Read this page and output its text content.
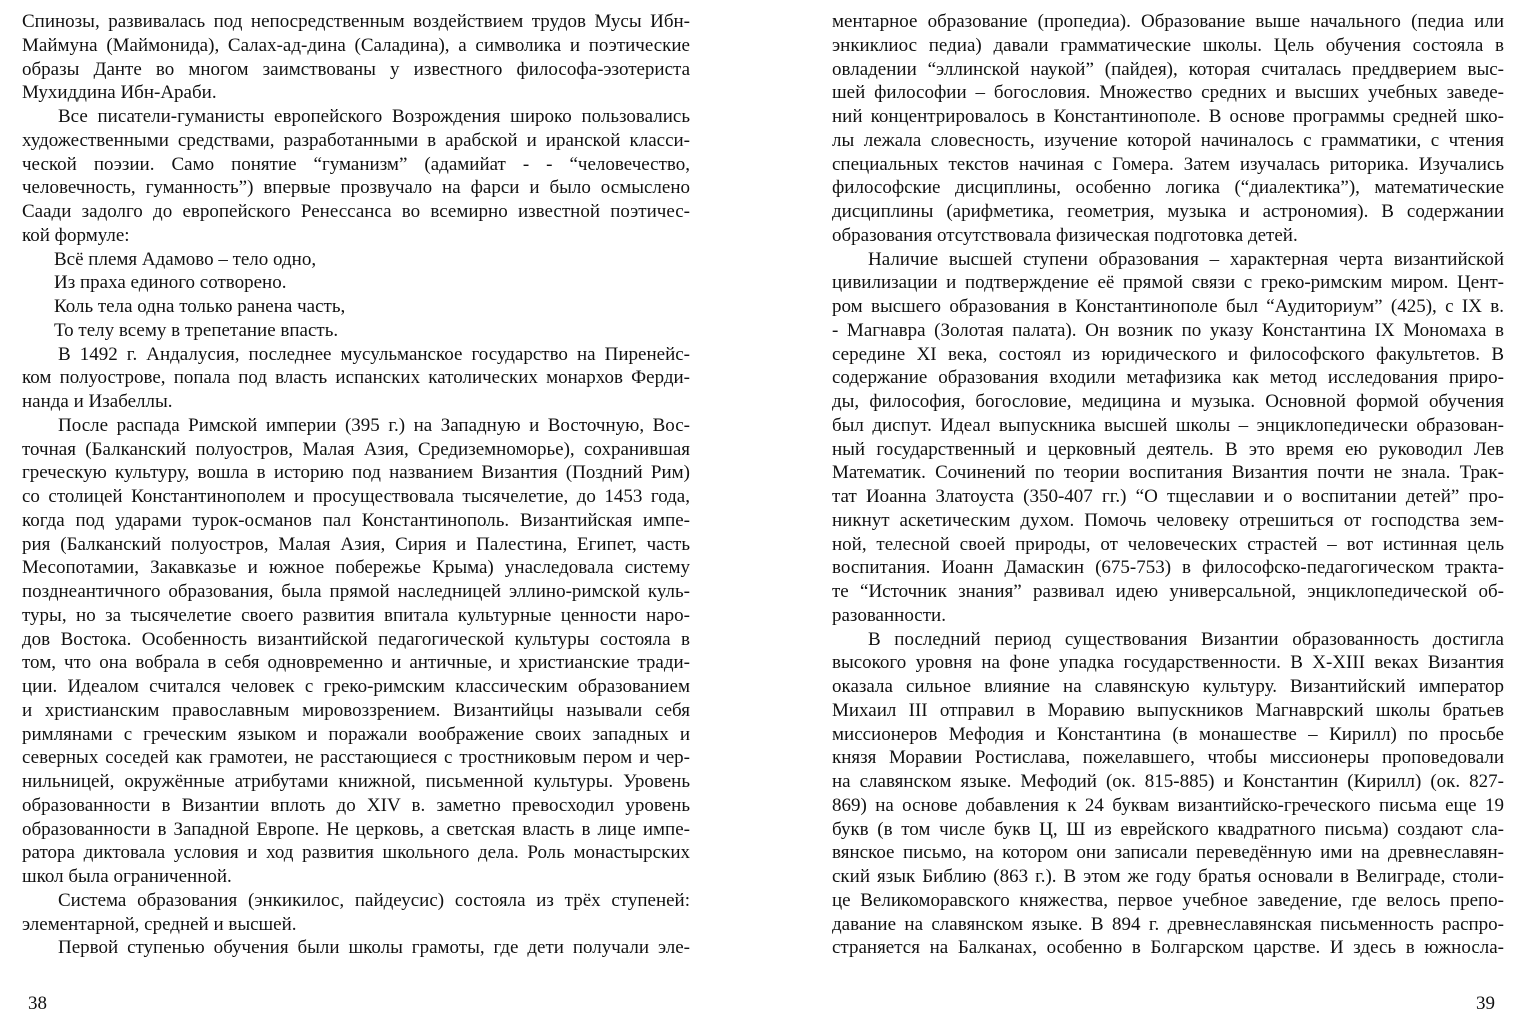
Спинозы, развивалась под непосредственным воздействием трудов Мусы Ибн-
Маймуна (Маймонида), Салах-ад-дина (Саладина), а символика и поэтические
образы Данте во многом заимствованы у известного философа-эзотериста
Мухиддина Ибн-Араби.
Все писатели-гуманисты европейского Возрождения широко пользовались
художественными средствами, разработанными в арабской и иранской класси-
ческой поэзии. Само понятие “гуманизм” (адамийат - - “человечество,
человечность, гуманность”) впервые прозвучало на фарси и было осмыслено
Саади задолго до европейского Ренессанса во всемирно известной поэтичес-
кой формуле:
Всё племя Адамово – тело одно,
Из праха единого сотворено.
Коль тела одна только ранена часть,
То телу всему в трепетание впасть.
В 1492 г. Андалусия, последнее мусульманское государство на Пиренейс-
ком полуострове, попала под власть испанских католических монархов Ферди-
нанда и Изабеллы.
После распада Римской империи (395 г.) на Западную и Восточную, Вос-
точная (Балканский полуостров, Малая Азия, Средиземноморье), сохранившая
греческую культуру, вошла в историю под названием Византия (Поздний Рим)
со столицей Константинополем и просуществовала тысячелетие, до 1453 года,
когда под ударами турок-османов пал Константинополь. Византийская импе-
рия (Балканский полуостров, Малая Азия, Сирия и Палестина, Египет, часть
Месопотамии, Закавказье и южное побережье Крыма) унаследовала систему
позднеантичного образования, была прямой наследницей эллино-римской куль-
туры, но за тысячелетие своего развития впитала культурные ценности наро-
дов Востока. Особенность византийской педагогической культуры состояла в
том, что она вобрала в себя одновременно и античные, и христианские тради-
ции. Идеалом считался человек с греко-римским классическим образованием
и христианским православным мировоззрением. Византийцы называли себя
римлянами с греческим языком и поражали воображение своих западных и
северных соседей как грамотеи, не расстающиеся с тростниковым пером и чер-
нильницей, окружённые атрибутами книжной, письменной культуры. Уровень
образованности в Византии вплоть до XIV в. заметно превосходил уровень
образованности в Западной Европе. Не церковь, а светская власть в лице импе-
ратора диктовала условия и ход развития школьного дела. Роль монастырских
школ была ограниченной.
Система образования (энкикилос, пайдеусис) состояла из трёх ступеней:
элементарной, средней и высшей.
Первой ступенью обучения были школы грамоты, где дети получали эле-
ментарное образование (пропедиа). Образование выше начального (педиа или
энкиклиос педиа) давали грамматические школы. Цель обучения состояла в
овладении “эллинской наукой” (пайдея), которая считалась преддверием выс-
шей философии – богословия. Множество средних и высших учебных заведе-
ний концентрировалось в Константинополе. В основе программы средней шко-
лы лежала словесность, изучение которой начиналось с грамматики, с чтения
специальных текстов начиная с Гомера. Затем изучалась риторика. Изучались
философские дисциплины, особенно логика (“диалектика”), математические
дисциплины (арифметика, геометрия, музыка и астрономия). В содержании
образования отсутствовала физическая подготовка детей.
Наличие высшей ступени образования – характерная черта византийской
цивилизации и подтверждение её прямой связи с греко-римским миром. Цент-
ром высшего образования в Константинополе был “Аудиториум” (425), с IX в.
- Магнавра (Золотая палата). Он возник по указу Константина IX Мономаха в
середине XI века, состоял из юридического и философского факультетов. В
содержание образования входили метафизика как метод исследования приро-
ды, философия, богословие, медицина и музыка. Основной формой обучения
был диспут. Идеал выпускника высшей школы – энциклопедически образован-
ный государственный и церковный деятель. В это время ею руководил Лев
Математик. Сочинений по теории воспитания Византия почти не знала. Трак-
тат Иоанна Златоуста (350-407 гг.) “О тщеславии и о воспитании детей” про-
никнут аскетическим духом. Помочь человеку отрешиться от господства зем-
ной, телесной своей природы, от человеческих страстей – вот истинная цель
воспитания. Иоанн Дамаскин (675-753) в философско-педагогическом тракта-
те “Источник знания” развивал идею универсальной, энциклопедической об-
разованности.
В последний период существования Византии образованность достигла
высокого уровня на фоне упадка государственности. В X-XIII веках Византия
оказала сильное влияние на славянскую культуру. Византийский император
Михаил III отправил в Моравию выпускников Магнаврский школы братьев
миссионеров Мефодия и Константина (в монашестве – Кирилл) по просьбе
князя Моравии Ростислава, пожелавшего, чтобы миссионеры проповедовали
на славянском языке. Мефодий (ок. 815-885) и Константин (Кирилл) (ок. 827-
869) на основе добавления к 24 буквам византийско-греческого письма еще 19
букв (в том числе букв Ц, Ш из еврейского квадратного письма) создают сла-
вянское письмо, на котором они записали переведённую ими на древнеславян-
ский язык Библию (863 г.). В этом же году братья основали в Велиграде, столи-
це Великоморавского княжества, первое учебное заведение, где велось препо-
давание на славянском языке. В 894 г. древнеславянская письменность распро-
страняется на Балканах, особенно в Болгарском царстве. И здесь в южносла-
38	39
